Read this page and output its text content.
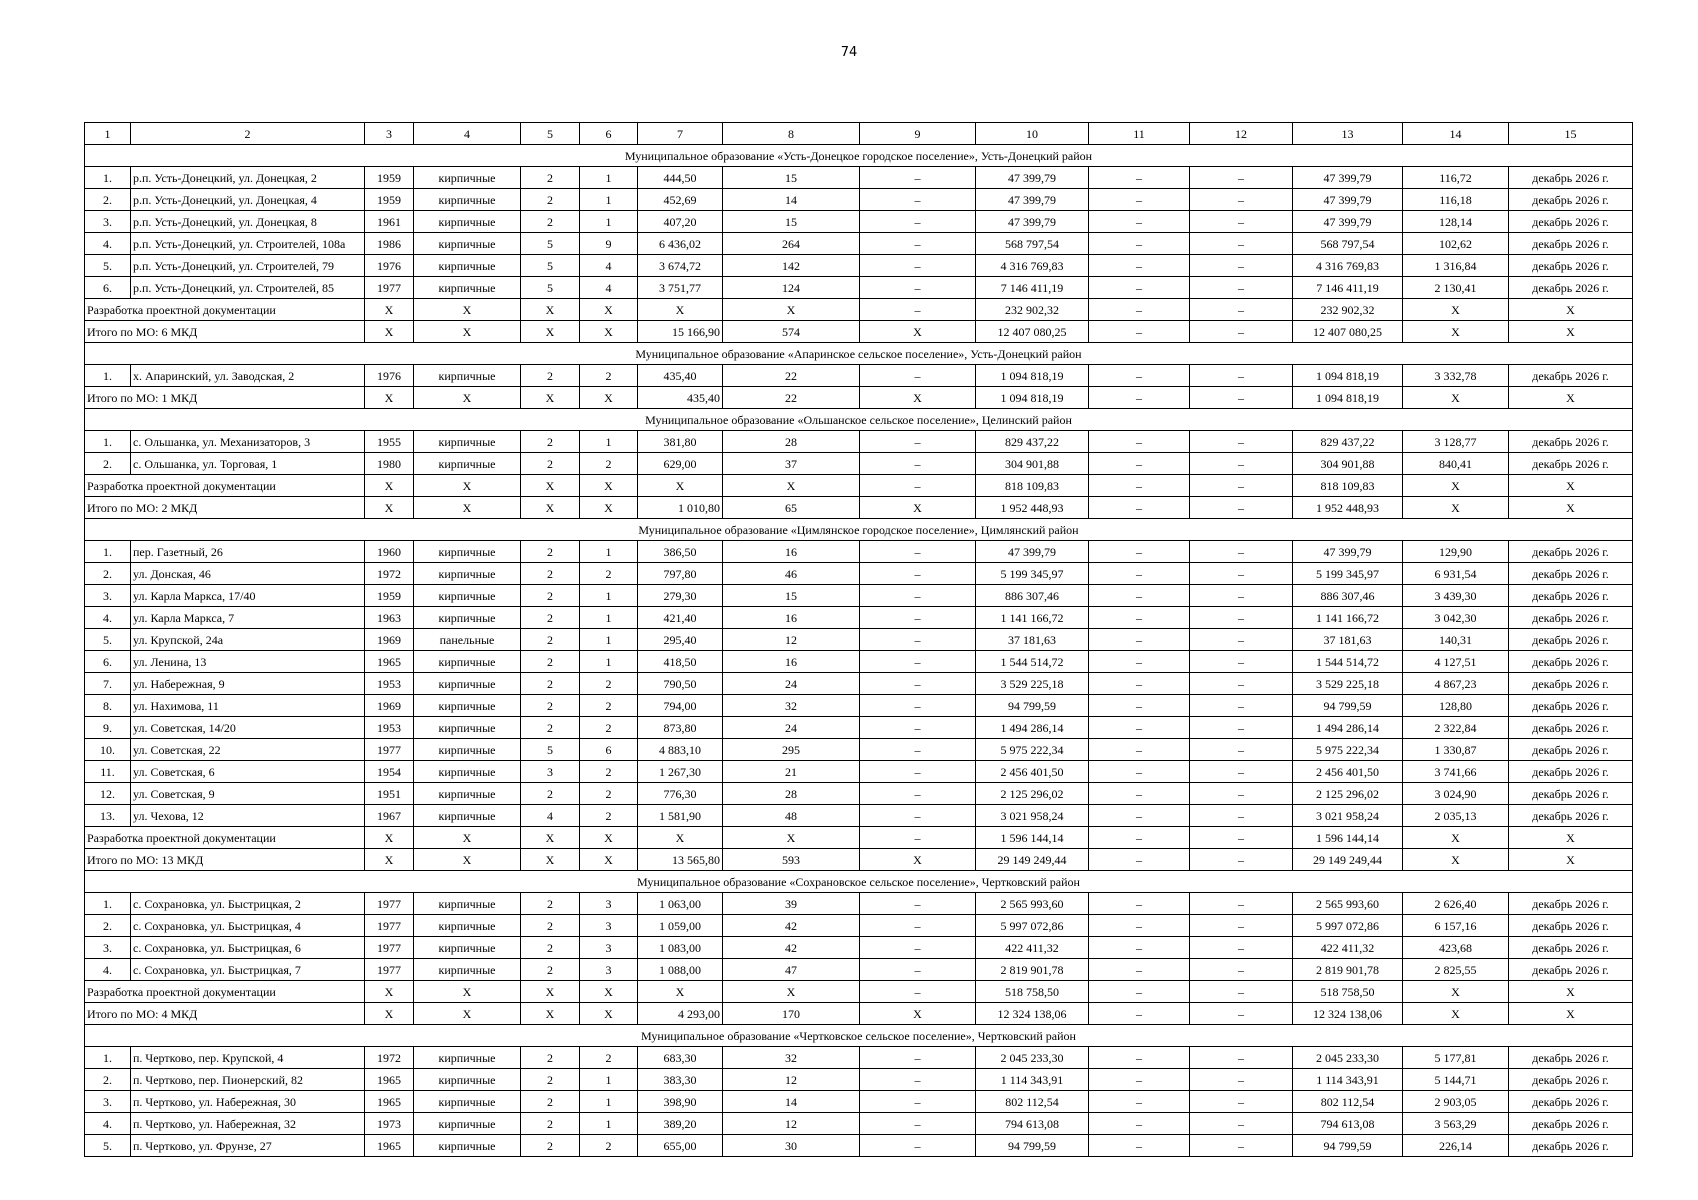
74
1	2	3	4	5	6	7	8	9	10	11	12	13	14	15
Муниципальное образование «Усть-Донецкое городское поселение», Усть-Донецкий район														
1.	р.п. Усть-Донецкий, ул. Донецкая, 2	1959	кирпичные	2	1	444,50	15	–	47 399,79	–	–	47 399,79	116,72	декабрь 2026 г.
2.	р.п. Усть-Донецкий, ул. Донецкая, 4	1959	кирпичные	2	1	452,69	14	–	47 399,79	–	–	47 399,79	116,18	декабрь 2026 г.
3.	р.п. Усть-Донецкий, ул. Донецкая, 8	1961	кирпичные	2	1	407,20	15	–	47 399,79	–	–	47 399,79	128,14	декабрь 2026 г.
4.	р.п. Усть-Донецкий, ул. Строителей, 108а	1986	кирпичные	5	9	6 436,02	264	–	568 797,54	–	–	568 797,54	102,62	декабрь 2026 г.
5.	р.п. Усть-Донецкий, ул. Строителей, 79	1976	кирпичные	5	4	3 674,72	142	–	4 316 769,83	–	–	4 316 769,83	1 316,84	декабрь 2026 г.
6.	р.п. Усть-Донецкий, ул. Строителей, 85	1977	кирпичные	5	4	3 751,77	124	–	7 146 411,19	–	–	7 146 411,19	2 130,41	декабрь 2026 г.
Разработка проектной документации		Х	Х	Х	Х	Х	Х	–	232 902,32	–	–	232 902,32	Х	Х
Итого по МО: 6 МКД		Х	Х	Х	Х	15 166,90	574	Х	12 407 080,25	–	–	12 407 080,25	Х	Х
Муниципальное образование «Апаринское сельское поселение», Усть-Донецкий район														
1.	х. Апаринский, ул. Заводская, 2	1976	кирпичные	2	2	435,40	22	–	1 094 818,19	–	–	1 094 818,19	3 332,78	декабрь 2026 г.
Итого по МО: 1 МКД		Х	Х	Х	Х	435,40	22	Х	1 094 818,19	–	–	1 094 818,19	Х	Х
Муниципальное образование «Ольшанское сельское поселение», Целинский район														
1.	с. Ольшанка, ул. Механизаторов, 3	1955	кирпичные	2	1	381,80	28	–	829 437,22	–	–	829 437,22	3 128,77	декабрь 2026 г.
2.	с. Ольшанка, ул. Торговая, 1	1980	кирпичные	2	2	629,00	37	–	304 901,88	–	–	304 901,88	840,41	декабрь 2026 г.
Разработка проектной документации		Х	Х	Х	Х	Х	Х	–	818 109,83	–	–	818 109,83	Х	Х
Итого по МО: 2 МКД		Х	Х	Х	Х	1 010,80	65	Х	1 952 448,93	–	–	1 952 448,93	Х	Х
Муниципальное образование «Цимлянское городское поселение», Цимлянский район														
1.	пер. Газетный, 26	1960	кирпичные	2	1	386,50	16	–	47 399,79	–	–	47 399,79	129,90	декабрь 2026 г.
2.	ул. Донская, 46	1972	кирпичные	2	2	797,80	46	–	5 199 345,97	–	–	5 199 345,97	6 931,54	декабрь 2026 г.
3.	ул. Карла Маркса, 17/40	1959	кирпичные	2	1	279,30	15	–	886 307,46	–	–	886 307,46	3 439,30	декабрь 2026 г.
4.	ул. Карла Маркса, 7	1963	кирпичные	2	1	421,40	16	–	1 141 166,72	–	–	1 141 166,72	3 042,30	декабрь 2026 г.
5.	ул. Крупской, 24а	1969	панельные	2	1	295,40	12	–	37 181,63	–	–	37 181,63	140,31	декабрь 2026 г.
6.	ул. Ленина, 13	1965	кирпичные	2	1	418,50	16	–	1 544 514,72	–	–	1 544 514,72	4 127,51	декабрь 2026 г.
7.	ул. Набережная, 9	1953	кирпичные	2	2	790,50	24	–	3 529 225,18	–	–	3 529 225,18	4 867,23	декабрь 2026 г.
8.	ул. Нахимова, 11	1969	кирпичные	2	2	794,00	32	–	94 799,59	–	–	94 799,59	128,80	декабрь 2026 г.
9.	ул. Советская, 14/20	1953	кирпичные	2	2	873,80	24	–	1 494 286,14	–	–	1 494 286,14	2 322,84	декабрь 2026 г.
10.	ул. Советская, 22	1977	кирпичные	5	6	4 883,10	295	–	5 975 222,34	–	–	5 975 222,34	1 330,87	декабрь 2026 г.
11.	ул. Советская, 6	1954	кирпичные	3	2	1 267,30	21	–	2 456 401,50	–	–	2 456 401,50	3 741,66	декабрь 2026 г.
12.	ул. Советская, 9	1951	кирпичные	2	2	776,30	28	–	2 125 296,02	–	–	2 125 296,02	3 024,90	декабрь 2026 г.
13.	ул. Чехова, 12	1967	кирпичные	4	2	1 581,90	48	–	3 021 958,24	–	–	3 021 958,24	2 035,13	декабрь 2026 г.
Разработка проектной документации		Х	Х	Х	Х	Х	Х	–	1 596 144,14	–	–	1 596 144,14	Х	Х
Итого по МО: 13 МКД		Х	Х	Х	Х	13 565,80	593	Х	29 149 249,44	–	–	29 149 249,44	Х	Х
Муниципальное образование «Сохрановское сельское поселение», Чертковский район														
1.	с. Сохрановка, ул. Быстрицкая, 2	1977	кирпичные	2	3	1 063,00	39	–	2 565 993,60	–	–	2 565 993,60	2 626,40	декабрь 2026 г.
2.	с. Сохрановка, ул. Быстрицкая, 4	1977	кирпичные	2	3	1 059,00	42	–	5 997 072,86	–	–	5 997 072,86	6 157,16	декабрь 2026 г.
3.	с. Сохрановка, ул. Быстрицкая, 6	1977	кирпичные	2	3	1 083,00	42	–	422 411,32	–	–	422 411,32	423,68	декабрь 2026 г.
4.	с. Сохрановка, ул. Быстрицкая, 7	1977	кирпичные	2	3	1 088,00	47	–	2 819 901,78	–	–	2 819 901,78	2 825,55	декабрь 2026 г.
Разработка проектной документации		Х	Х	Х	Х	Х	Х	–	518 758,50	–	–	518 758,50	Х	Х
Итого по МО: 4 МКД		Х	Х	Х	Х	4 293,00	170	Х	12 324 138,06	–	–	12 324 138,06	Х	Х
Муниципальное образование «Чертковское сельское поселение», Чертковский район														
1.	п. Чертково, пер. Крупской, 4	1972	кирпичные	2	2	683,30	32	–	2 045 233,30	–	–	2 045 233,30	5 177,81	декабрь 2026 г.
2.	п. Чертково, пер. Пионерский, 82	1965	кирпичные	2	1	383,30	12	–	1 114 343,91	–	–	1 114 343,91	5 144,71	декабрь 2026 г.
3.	п. Чертково, ул. Набережная, 30	1965	кирпичные	2	1	398,90	14	–	802 112,54	–	–	802 112,54	2 903,05	декабрь 2026 г.
4.	п. Чертково, ул. Набережная, 32	1973	кирпичные	2	1	389,20	12	–	794 613,08	–	–	794 613,08	3 563,29	декабрь 2026 г.
5.	п. Чертково, ул. Фрунзе, 27	1965	кирпичные	2	2	655,00	30	–	94 799,59	–	–	94 799,59	226,14	декабрь 2026 г.
